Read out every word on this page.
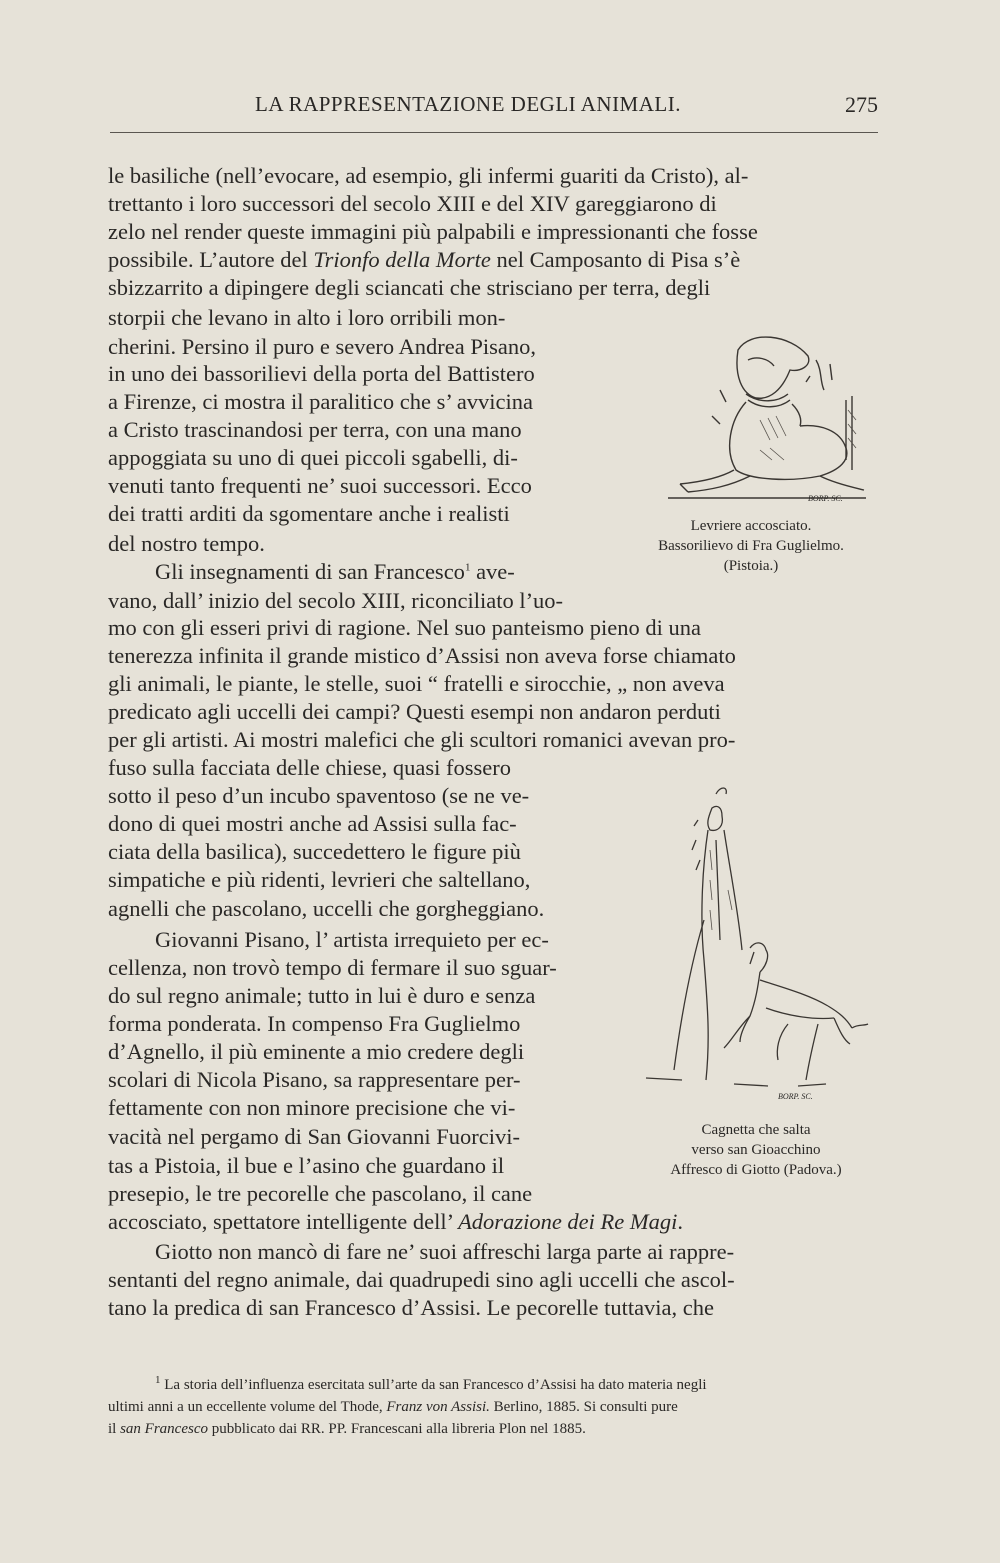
LA RAPPRESENTAZIONE DEGLI ANIMALI.	275
le basiliche (nell’evocare, ad esempio, gli infermi guariti da Cristo), al-
trettanto i loro successori del secolo XIII e del XIV gareggiarono di
zelo nel render queste immagini più palpabili e impressionanti che fosse
possibile. L’autore del Trionfo della Morte nel Camposanto di Pisa s’è
sbizzarrito a dipingere degli sciancati che strisciano per terra, degli
storpii che levano in alto i loro orribili mon-
cherini. Persino il puro e severo Andrea Pisano,
in uno dei bassorilievi della porta del Battistero
a Firenze, ci mostra il paralitico che s’ avvicina
a Cristo trascinandosi per terra, con una mano
appoggiata su uno di quei piccoli sgabelli, di-
venuti tanto frequenti ne’ suoi successori. Ecco
dei tratti arditi da sgomentare anche i realisti
del nostro tempo.
Gli insegnamenti di san Francesco$^1$ ave-
vano, dall’ inizio del secolo XIII, riconciliato l’uo-
mo con gli esseri privi di ragione. Nel suo panteismo pieno di una
tenerezza infinita il grande mistico d’Assisi non aveva forse chiamato
gli animali, le piante, le stelle, suoi “ fratelli e sirocchie, „ non aveva
predicato agli uccelli dei campi? Questi esempi non andaron perduti
per gli artisti. Ai mostri malefici che gli scultori romanici avevan pro-
fuso sulla facciata delle chiese, quasi fossero
sotto il peso d’un incubo spaventoso (se ne ve-
dono di quei mostri anche ad Assisi sulla fac-
ciata della basilica), succedettero le figure più
simpatiche e più ridenti, levrieri che saltellano,
agnelli che pascolano, uccelli che gorgheggiano.
Giovanni Pisano, l’ artista irrequieto per ec-
cellenza, non trovò tempo di fermare il suo sguar-
do sul regno animale; tutto in lui è duro e senza
forma ponderata. In compenso Fra Guglielmo
d’Agnello, il più eminente a mio credere degli
scolari di Nicola Pisano, sa rappresentare per-
fettamente con non minore precisione che vi-
vacità nel pergamo di San Giovanni Fuorcivi-
tas a Pistoia, il bue e l’asino che guardano il
presepio, le tre pecorelle che pascolano, il cane
accosciato, spettatore intelligente dell’ Adorazione dei Re Magi.
Giotto non mancò di fare ne’ suoi affreschi larga parte ai rappre-
sentanti del regno animale, dai quadrupedi sino agli uccelli che ascol-
tano la predica di san Francesco d’Assisi. Le pecorelle tuttavia, che
BORP. SC.
Levriere accosciato.
Bassorilievo di Fra Guglielmo.
(Pistoia.)
BORP. SC.
Cagnetta che salta
verso san Gioacchino
Affresco di Giotto (Padova.)
$^1$ La storia dell’influenza esercitata sull’arte da san Francesco d’Assisi ha dato materia negli
ultimi anni a un eccellente volume del Thode, Franz von Assisi. Berlino, 1885. Si consulti pure
il san Francesco pubblicato dai RR. PP. Francescani alla libreria Plon nel 1885.
